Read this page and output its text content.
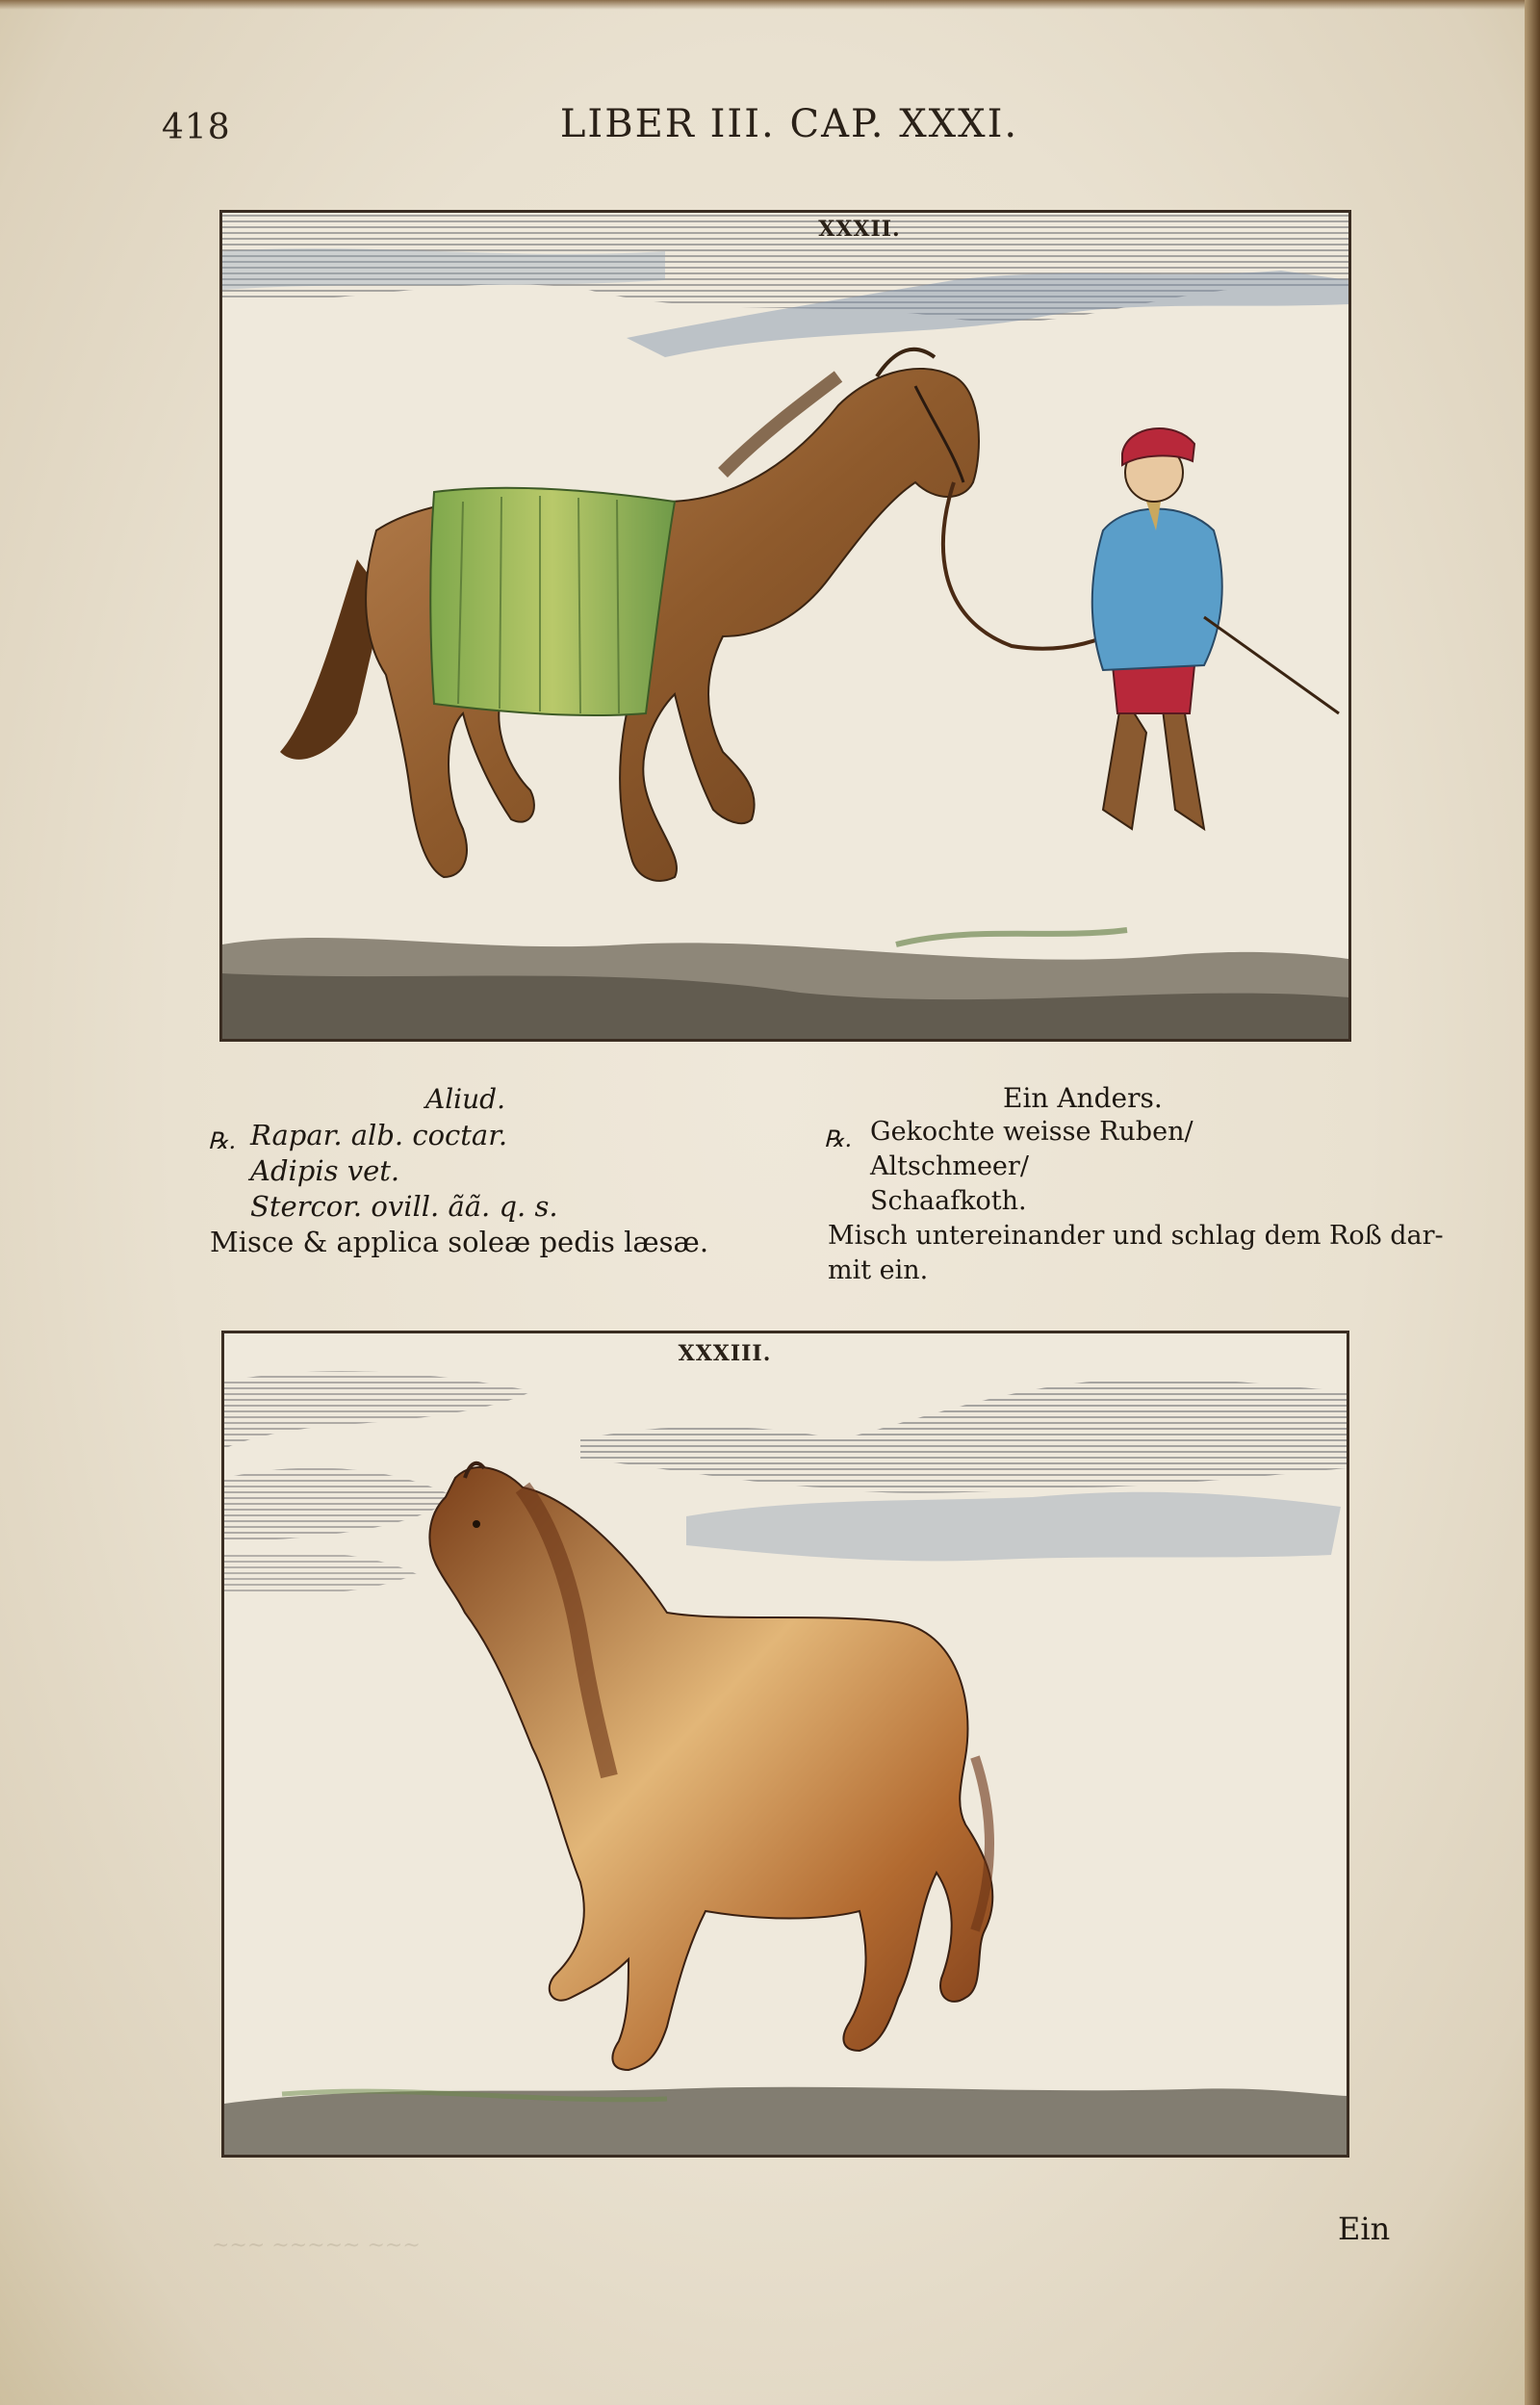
418	LIBER III. CAP. XXXI.
XXXII.
Aliud.
℞. Rapar. alb. coctar.
Adipis vet.
Stercor. ovill. ãã. q. s.
Misce & applica soleæ pedis læsæ.
Ein Anders.
℞. Gekochte weisse Ruben/
Altschmeer/
Schaafkoth.
Misch untereinander und schlag dem Roß dar-
mit ein.
XXXIII.
~~~ ~~~~~ ~~~	Ein
